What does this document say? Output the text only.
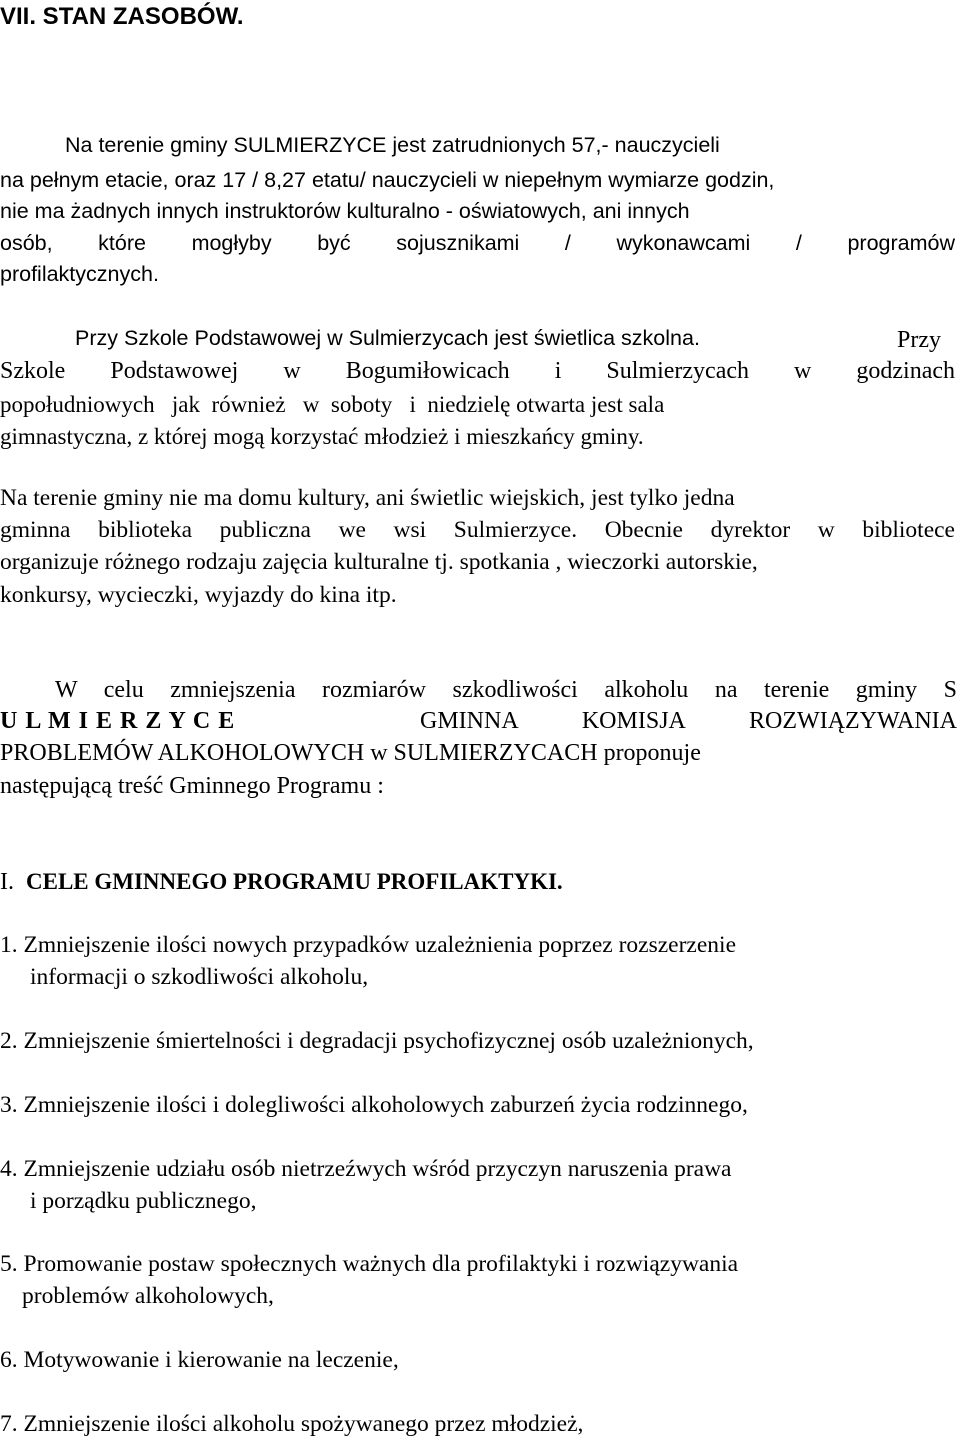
VII. STAN ZASOBÓW.
Na terenie gminy SULMIERZYCE jest zatrudnionych 57,- nauczycieli
na pełnym etacie, oraz 17 / 8,27 etatu/ nauczycieli w niepełnym wymiarze godzin,
nie ma żadnych innych instruktorów kulturalno - oświatowych, ani innych
osób, które mogłyby być sojusznikami / wykonawcami / programów
profilaktycznych.
Przy Szkole Podstawowej w Sulmierzycach jest świetlica szkolna.	Przy
Szkole Podstawowej w Bogumiłowicach i Sulmierzycach w godzinach
popołudniowych   jak  również   w  soboty   i  niedzielę otwarta jest sala
gimnastyczna, z której mogą korzystać młodzież i mieszkańcy gminy.
Na terenie gminy nie ma domu kultury, ani świetlic wiejskich, jest tylko jedna
gminna biblioteka publiczna we wsi Sulmierzyce. Obecnie dyrektor w bibliotece
organizuje różnego rodzaju zajęcia kulturalne tj. spotkania , wieczorki autorskie,
konkursy, wycieczki, wyjazdy do kina itp.
W celu zmniejszenia rozmiarów szkodliwości alkoholu na terenie gminy S
U L M I E R Z Y C E	GMINNA KOMISJA ROZWIĄZYWANIA
PROBLEMÓW ALKOHOLOWYCH w SULMIERZYCACH proponuje
następującą treść Gminnego Programu :
I. CELE GMINNEGO PROGRAMU PROFILAKTYKI.
1. Zmniejszenie ilości nowych przypadków uzależnienia poprzez rozszerzenie
informacji o szkodliwości alkoholu,
2. Zmniejszenie śmiertelności i degradacji psychofizycznej osób uzależnionych,
3. Zmniejszenie ilości i dolegliwości alkoholowych zaburzeń życia rodzinnego,
4. Zmniejszenie udziału osób nietrzeźwych wśród przyczyn naruszenia prawa
i porządku publicznego,
5. Promowanie postaw społecznych ważnych dla profilaktyki i rozwiązywania
problemów alkoholowych,
6. Motywowanie i kierowanie na leczenie,
7. Zmniejszenie ilości alkoholu spożywanego przez młodzież,
